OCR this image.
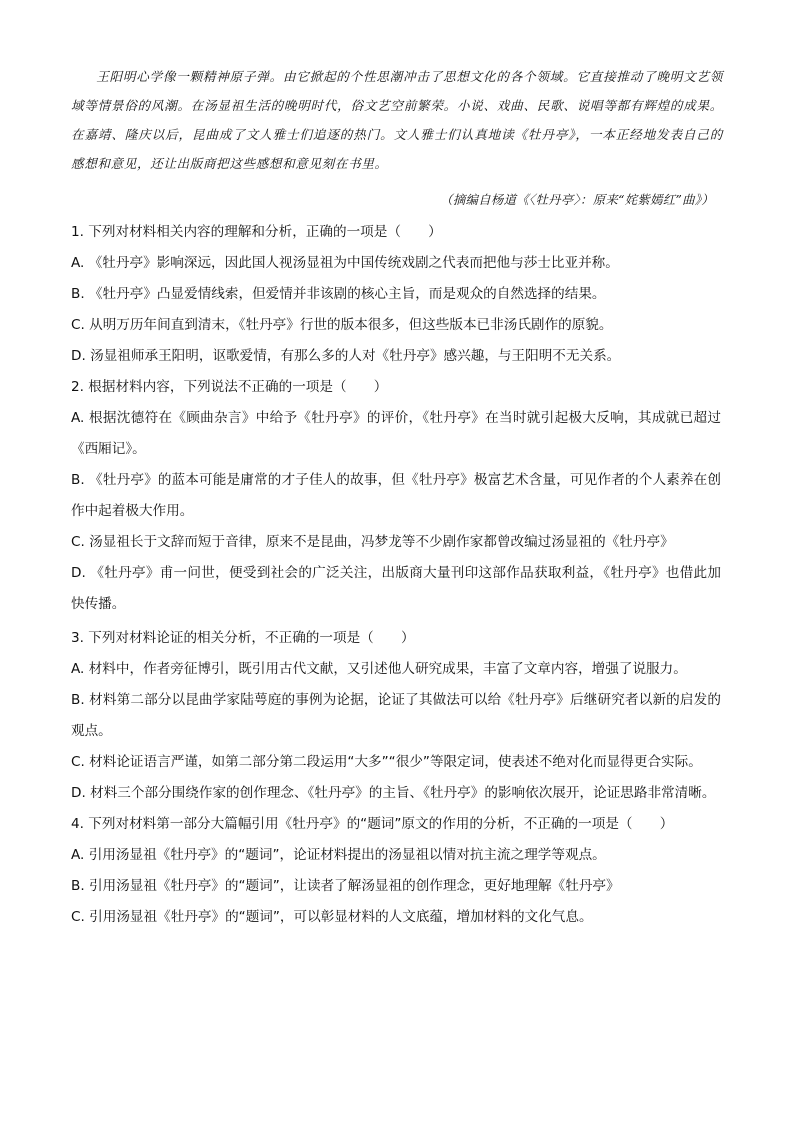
王阳明心学像一颗精神原子弹。由它掀起的个性思潮冲击了思想文化的各个领域。它直接推动了晚明文艺领域等情景俗的风潮。在汤显祖生活的晚明时代，俗文艺空前繁荣。小说、戏曲、民歌、说唱等都有辉煌的成果。在嘉靖、隆庆以后，昆曲成了文人雅士们追逐的热门。文人雅士们认真地读《牡丹亭》，一本正经地发表自己的感想和意见，还让出版商把这些感想和意见刻在书里。
（摘编自杨道《〈牡丹亭〉：原来“姹紫嫣红”曲》）
1. 下列对材料相关内容的理解和分析，正确的一项是（　　）
A. 《牡丹亭》影响深远，因此国人视汤显祖为中国传统戏剧之代表而把他与莎士比亚并称。
B. 《牡丹亭》凸显爱情线索，但爱情并非该剧的核心主旨，而是观众的自然选择的结果。
C. 从明万历年间直到清末，《牡丹亭》行世的版本很多，但这些版本已非汤氏剧作的原貌。
D. 汤显祖师承王阳明，讴歌爱情，有那么多的人对《牡丹亭》感兴趣，与王阳明不无关系。
2. 根据材料内容，下列说法不正确的一项是（　　）
A. 根据沈德符在《顾曲杂言》中给予《牡丹亭》的评价，《牡丹亭》在当时就引起极大反响，其成就已超过《西厢记》。
B. 《牡丹亭》的蓝本可能是庸常的才子佳人的故事，但《牡丹亭》极富艺术含量，可见作者的个人素养在创作中起着极大作用。
C. 汤显祖长于文辞而短于音律，原来不是昆曲，冯梦龙等不少剧作家都曾改编过汤显祖的《牡丹亭》
D. 《牡丹亭》甫一问世，便受到社会的广泛关注，出版商大量刊印这部作品获取利益，《牡丹亭》也借此加快传播。
3. 下列对材料论证的相关分析，不正确的一项是（　　）
A. 材料中，作者旁征博引，既引用古代文献，又引述他人研究成果，丰富了文章内容，增强了说服力。
B. 材料第二部分以昆曲学家陆萼庭的事例为论据，论证了其做法可以给《牡丹亭》后继研究者以新的启发的观点。
C. 材料论证语言严谨，如第二部分第二段运用“大多”“很少”等限定词，使表述不绝对化而显得更合实际。
D. 材料三个部分围绕作家的创作理念、《牡丹亭》的主旨、《牡丹亭》的影响依次展开，论证思路非常清晰。
4. 下列对材料第一部分大篇幅引用《牡丹亭》的“题词”原文的作用的分析，不正确的一项是（　　）
A. 引用汤显祖《牡丹亭》的“题词”，论证材料提出的汤显祖以情对抗主流之理学等观点。
B. 引用汤显祖《牡丹亭》的“题词”，让读者了解汤显祖的创作理念，更好地理解《牡丹亭》
C. 引用汤显祖《牡丹亭》的“题词”，可以彰显材料的人文底蕴，增加材料的文化气息。
